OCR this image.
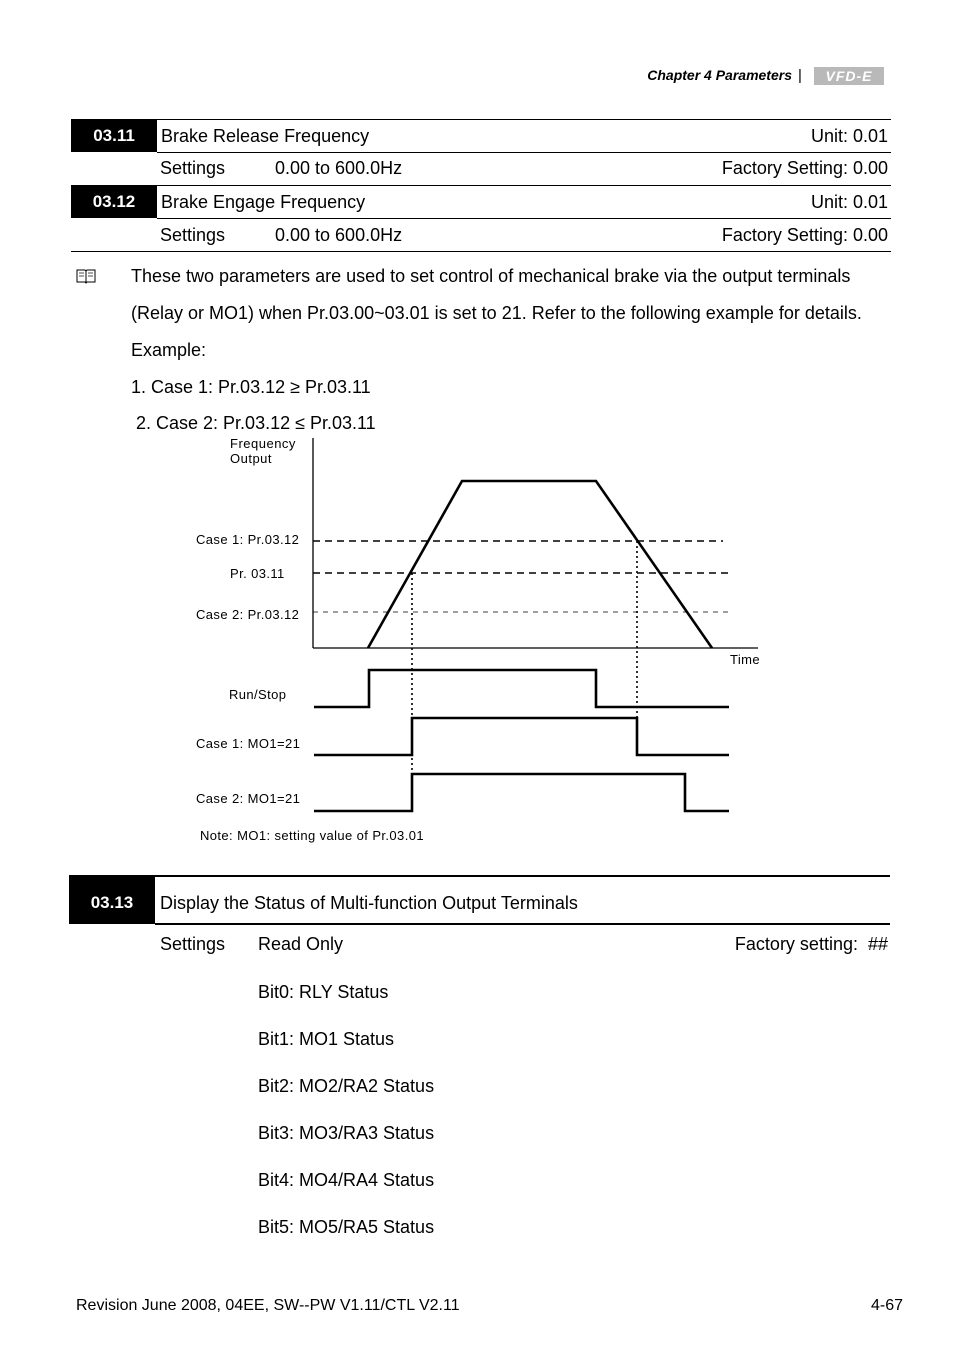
Chapter 4 Parameters |	VFD-E
03.11	Brake Release Frequency	Unit: 0.01
Settings	0.00 to 600.0Hz	Factory Setting: 0.00
03.12	Brake Engage Frequency	Unit: 0.01
Settings	0.00 to 600.0Hz	Factory Setting: 0.00
These two parameters are used to set control of mechanical brake via the output terminals
(Relay or MO1) when Pr.03.00~03.01 is set to 21. Refer to the following example for details.
Example:
1. Case 1: Pr.03.12 ≥ Pr.03.11
2. Case 2: Pr.03.12 ≤ Pr.03.11
Frequency
Output
Case 1: Pr.03.12
Pr. 03.11
Case 2: Pr.03.12
Time
Run/Stop
Case 1: MO1=21
Case 2: MO1=21
Note: MO1: setting value of Pr.03.01
03.13	Display the Status of Multi-function Output Terminals
Settings Read Only	Factory setting:  ##
Bit0: RLY Status
Bit1: MO1 Status
Bit2: MO2/RA2 Status
Bit3: MO3/RA3 Status
Bit4: MO4/RA4 Status
Bit5: MO5/RA5 Status
Revision June 2008, 04EE, SW--PW V1.11/CTL V2.11	4-67
